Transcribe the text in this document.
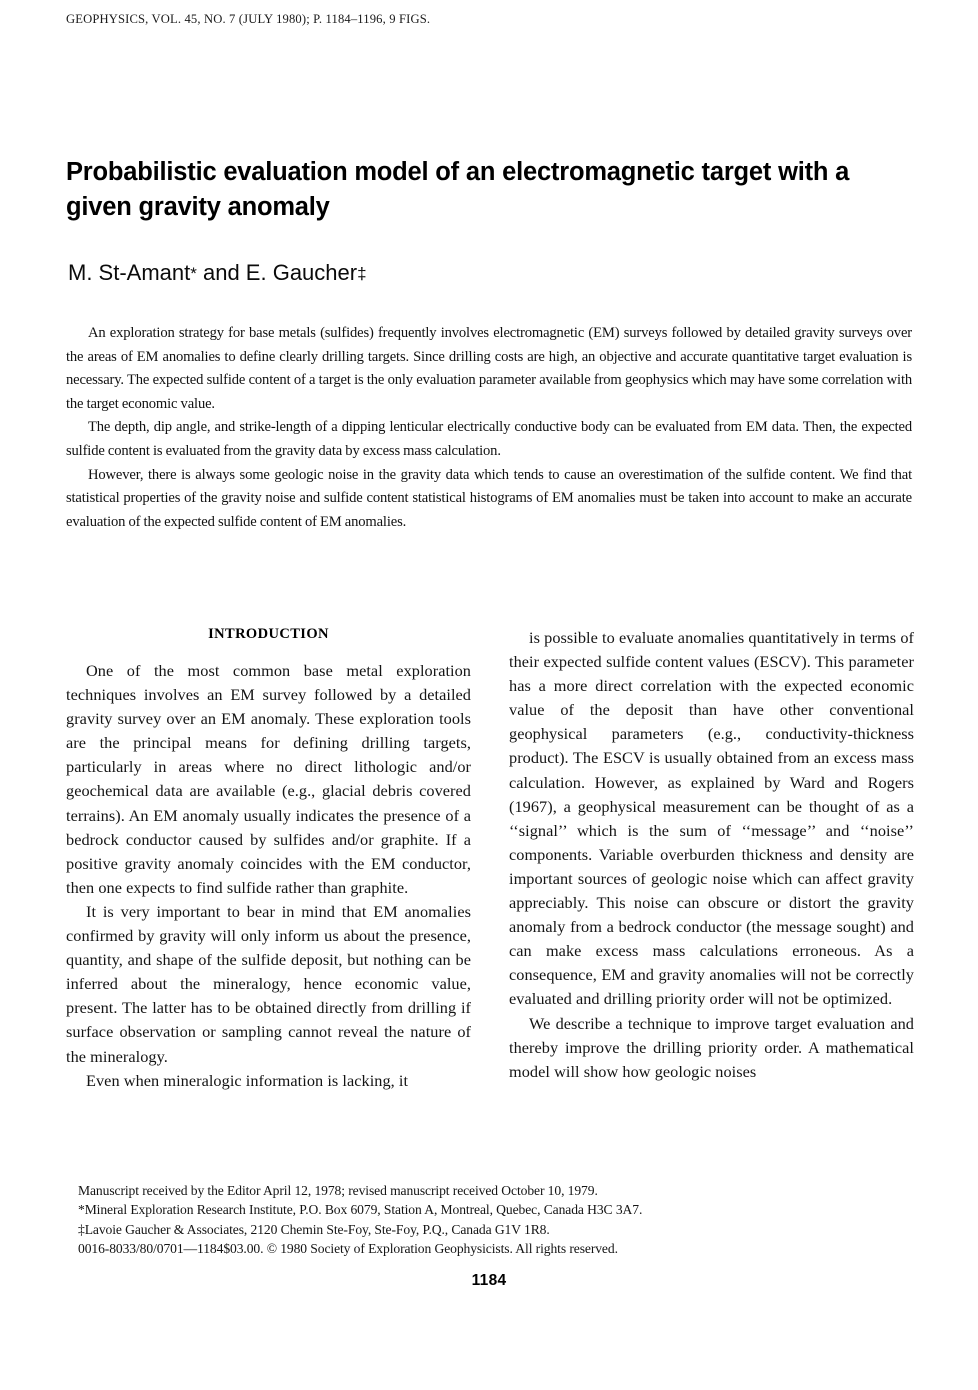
GEOPHYSICS, VOL. 45, NO. 7 (JULY 1980); P. 1184–1196, 9 FIGS.
Probabilistic evaluation model of an electromagnetic target with a given gravity anomaly
M. St-Amant* and E. Gaucher‡

An exploration strategy for base metals (sulfides) frequently involves electromagnetic (EM) surveys followed by detailed gravity surveys over the areas of EM anomalies to define clearly drilling targets. Since drilling costs are high, an objective and accurate quantitative target evaluation is necessary. The expected sulfide content of a target is the only evaluation parameter available from geophysics which may have some correlation with the target economic value.

The depth, dip angle, and strike-length of a dipping lenticular electrically conductive body can be evaluated from EM data. Then, the expected sulfide content is evaluated from the gravity data by excess mass calculation.

However, there is always some geologic noise in the gravity data which tends to cause an overestimation of the sulfide content. We find that statistical properties of the gravity noise and sulfide content statistical histograms of EM anomalies must be taken into account to make an accurate evaluation of the expected sulfide content of EM anomalies.

INTRODUCTION

One of the most common base metal exploration techniques involves an EM survey followed by a detailed gravity survey over an EM anomaly. These exploration tools are the principal means for defining drilling targets, particularly in areas where no direct lithologic and/or geochemical data are available (e.g., glacial debris covered terrains). An EM anomaly usually indicates the presence of a bedrock conductor caused by sulfides and/or graphite. If a positive gravity anomaly coincides with the EM conductor, then one expects to find sulfide rather than graphite.

It is very important to bear in mind that EM anomalies confirmed by gravity will only inform us about the presence, quantity, and shape of the sulfide deposit, but nothing can be inferred about the mineralogy, hence economic value, present. The latter has to be obtained directly from drilling if surface observation or sampling cannot reveal the nature of the mineralogy.

Even when mineralogic information is lacking, it

is possible to evaluate anomalies quantitatively in terms of their expected sulfide content values (ESCV). This parameter has a more direct correlation with the expected economic value of the deposit than have other conventional geophysical parameters (e.g., conductivity-thickness product). The ESCV is usually obtained from an excess mass calculation. However, as explained by Ward and Rogers (1967), a geophysical measurement can be thought of as a ‘‘signal’’ which is the sum of ‘‘message’’ and ‘‘noise’’ components. Variable overburden thickness and density are important sources of geologic noise which can affect gravity appreciably. This noise can obscure or distort the gravity anomaly from a bedrock conductor (the message sought) and can make excess mass calculations erroneous. As a consequence, EM and gravity anomalies will not be correctly evaluated and drilling priority order will not be optimized.

We describe a technique to improve target evaluation and thereby improve the drilling priority order. A mathematical model will show how geologic noises

Manuscript received by the Editor April 12, 1978; revised manuscript received October 10, 1979.
*Mineral Exploration Research Institute, P.O. Box 6079, Station A, Montreal, Quebec, Canada H3C 3A7.
‡Lavoie Gaucher & Associates, 2120 Chemin Ste-Foy, Ste-Foy, P.Q., Canada G1V 1R8.
0016-8033/80/0701—1184$03.00. © 1980 Society of Exploration Geophysicists. All rights reserved.
1184
